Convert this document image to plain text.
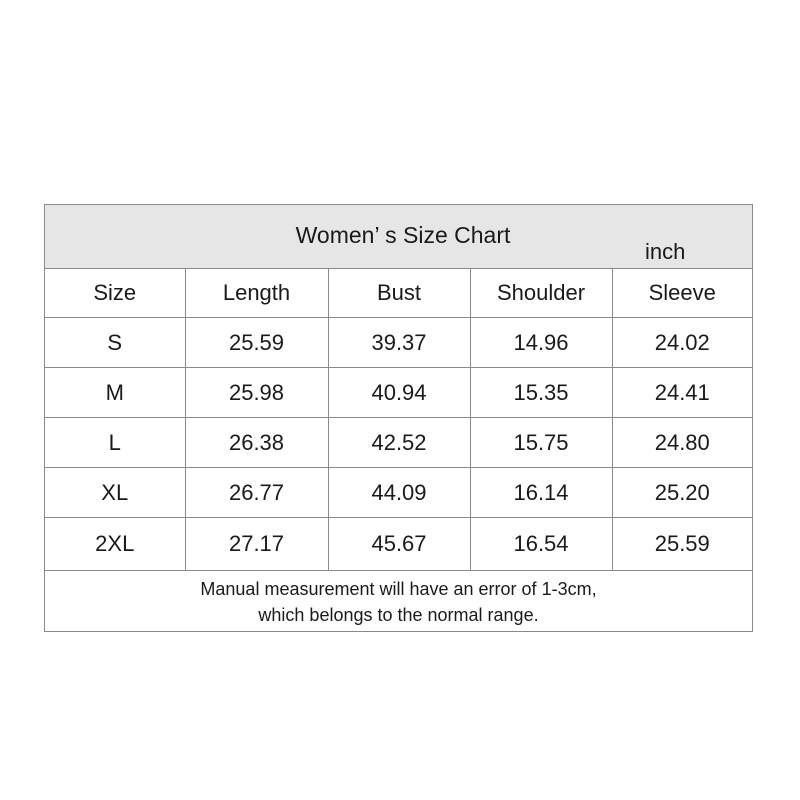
Women’ s Size Chart
inch
Size	Length	Bust	Shoulder	Sleeve
S	25.59	39.37	14.96	24.02
M	25.98	40.94	15.35	24.41
L	26.38	42.52	15.75	24.80
XL	26.77	44.09	16.14	25.20
2XL	27.17	45.67	16.54	25.59
Manual measurement will have an error of 1-3cm,
which belongs to the normal range.
